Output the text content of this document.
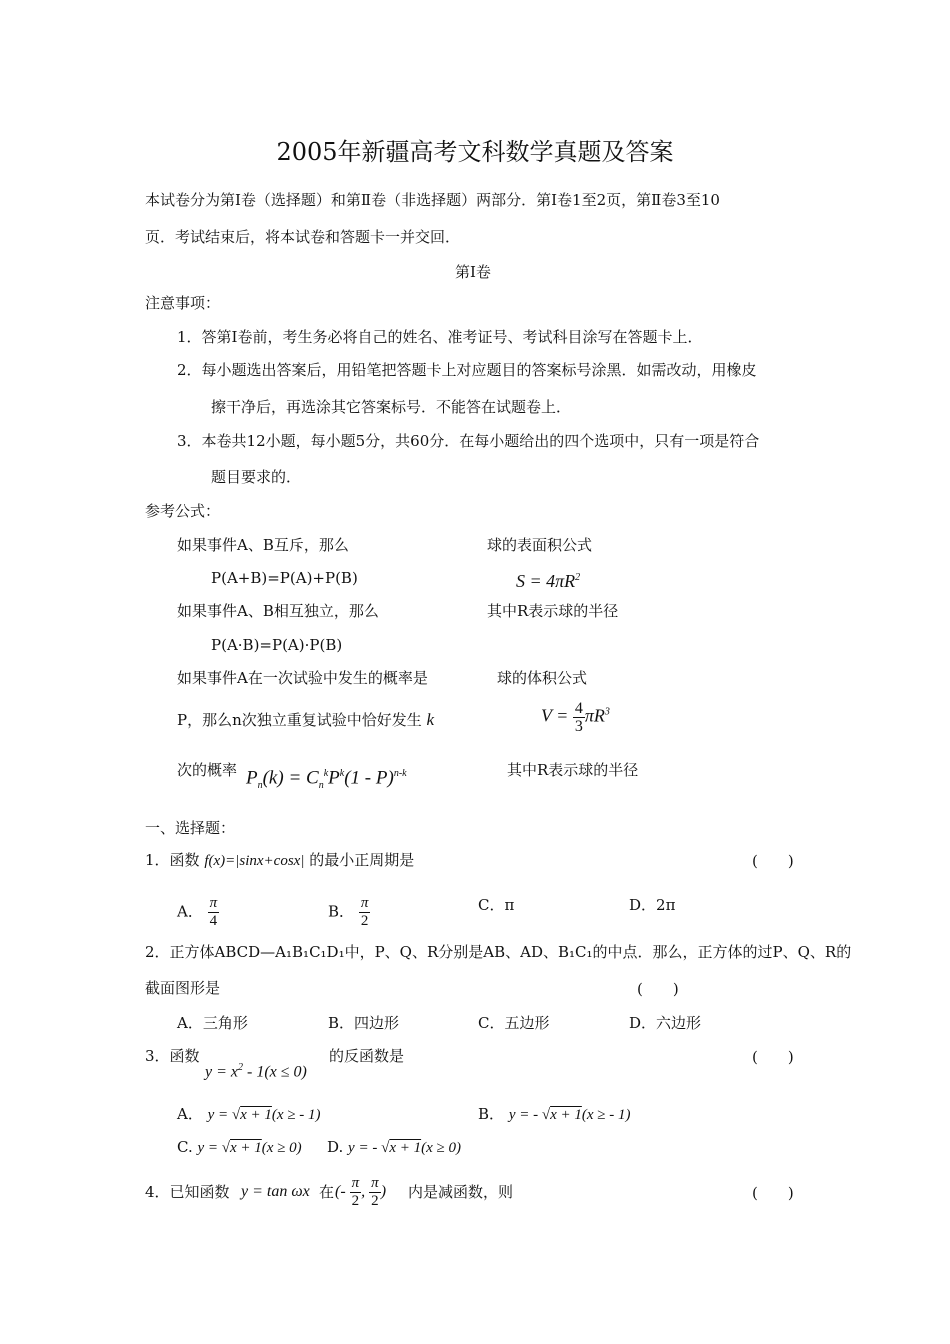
2005年新疆高考文科数学真题及答案
本试卷分为第Ⅰ卷（选择题）和第Ⅱ卷（非选择题）两部分．第Ⅰ卷1至2页，第Ⅱ卷3至10
页．考试结束后，将本试卷和答题卡一并交回．
第Ⅰ卷
注意事项：
1．答第Ⅰ卷前，考生务必将自己的姓名、准考证号、考试科目涂写在答题卡上．
2．每小题选出答案后，用铅笔把答题卡上对应题目的答案标号涂黑．如需改动，用橡皮
擦干净后，再选涂其它答案标号．不能答在试题卷上．
3．本卷共12小题，每小题5分，共60分．在每小题给出的四个选项中，只有一项是符合
题目要求的．
参考公式：
如果事件A、B互斥，那么
P(A+B)=P(A)+P(B)
如果事件A、B相互独立，那么
P(A·B)=P(A)·P(B)
如果事件A在一次试验中发生的概率是
P，那么n次独立重复试验中恰好发生 k
次的概率 $P_n(k) = C_n^kP^k(1 - P)^{n-k}$
球的表面积公式
$S = 4\pi R^2$
其中R表示球的半径
球的体积公式
$V = \frac{4}{3} \pi R^3$
其中R表示球的半径
一、选择题：
1．函数 f(x)=|sinx+cosx| 的最小正周期是	(　　)
A． $\frac{\pi}{4}$	B． $\frac{\pi}{2}$	C．π	D．2π
2．正方体ABCD—A₁B₁C₁D₁中，P、Q、R分别是AB、AD、B₁C₁的中点．那么，正方体的过P、Q、R的
截面图形是	(　　)
A．三角形	B．四边形	C．五边形	D．六边形
3．函数
$y = x^2 - 1(x \le 0)$
的反函数是	(　　)
A． y = √x + 1(x ≥ - 1)	B． y = - √x + 1(x ≥ - 1)
C. y = √x + 1(x ≥ 0) D. y = - √x + 1(x ≥ 0)
4．已知函数 y = tan ωx 在 (- $\frac{\pi}{2}$ , $\frac{\pi}{2}$ ) 内是减函数，则	(　　)
